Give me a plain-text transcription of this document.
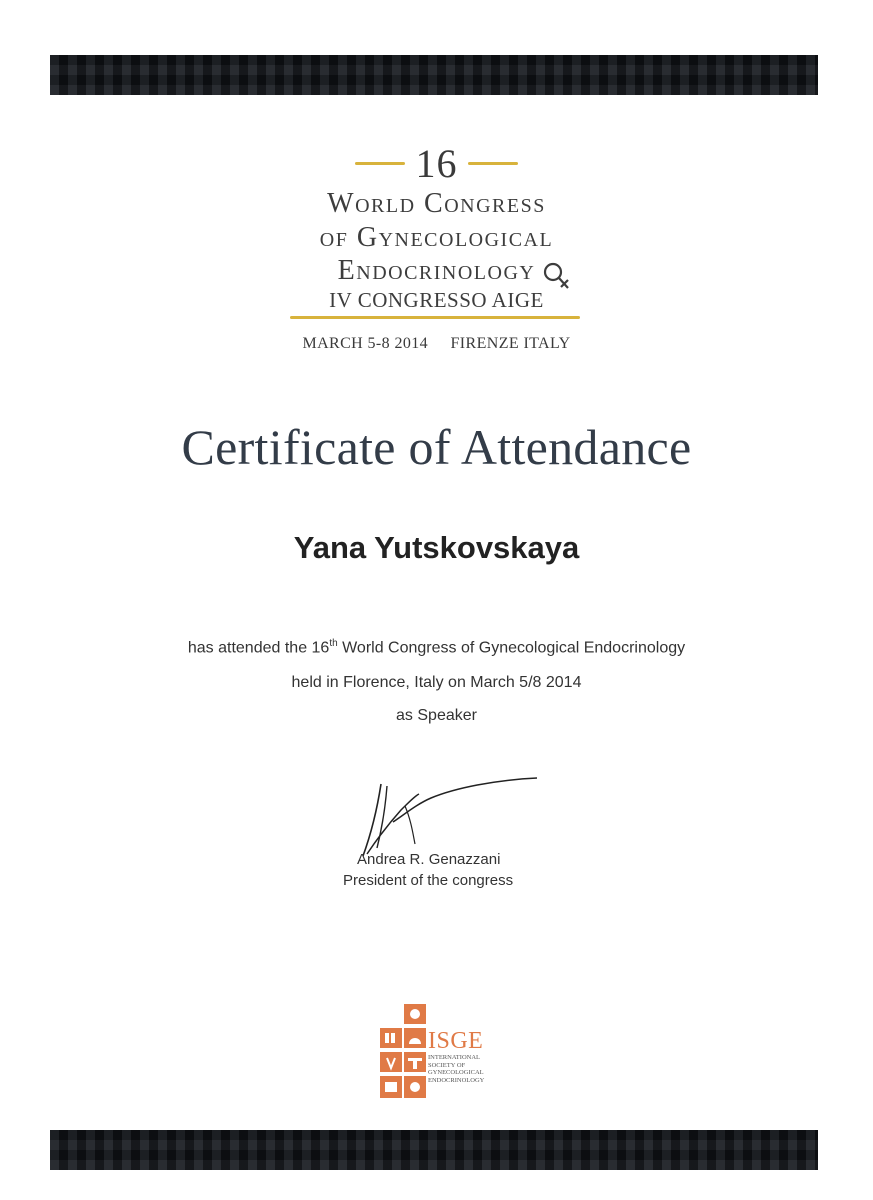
16
World Congress
of Gynecological
Endocrinology
IV CONGRESSO AIGE
MARCH 5-8 2014 FIRENZE ITALY
Certificate of Attendance
Yana Yutskovskaya
has attended the 16th World Congress of Gynecological Endocrinology
held in Florence, Italy on March 5/8 2014
as Speaker
Andrea R. Genazzani
President of the congress
ISGE
INTERNATIONAL
SOCIETY OF
GYNECOLOGICAL
ENDOCRINOLOGY
